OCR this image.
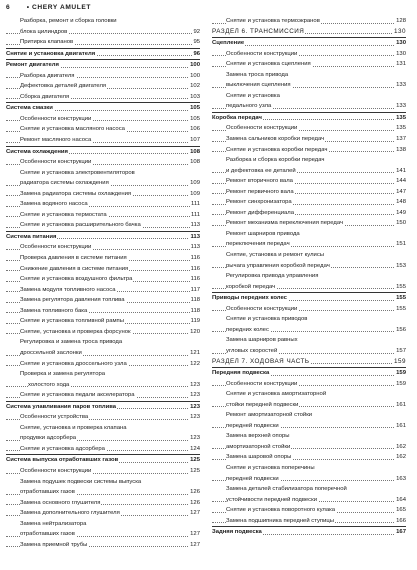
6 • CHERY AMULET
Разборка, ремонт и сборка головки
блока цилиндров	92
Притирка клапанов	95
Снятие и установка двигателя	96
Ремонт двигателя	100
Разборка двигателя	100
Дефектовка деталей двигателя	102
Сборка двигателя	103
Система смазки	105
Особенности конструкции	105
Снятие и установка масляного насоса	106
Ремонт масляного насоса	107
Система охлаждения	108
Особенности конструкции	108
Снятие и установка электровентиляторов
радиатора системы охлаждения	109
Замена радиатора системы охлаждения	109
Замена водяного насоса	111
Снятие и установка термостата	111
Снятие и установка расширительного бачка	113
Система питания	113
Особенности конструкции	113
Проверка давления в системе питания	116
Снижение давления в системе питания	116
Снятие и установка воздушного фильтра	116
Замена модуля топливного насоса	117
Замена регулятора давления топлива	118
Замена топливного бака	118
Снятие и установка топливной рампы	119
Снятие, установка и проверка форсунок	120
Регулировка и замена троса привода
дроссельной заслонки	121
Снятие и установка дроссельного узла	122
Проверка и замена регулятора
холостого хода	123
Снятие и установка педали акселератора	123
Система улавливания паров топлива	123
Особенности устройства	123
Снятие, установка и проверка клапана
продувки адсорбера	123
Снятие и установка адсорбера	124
Система выпуска отработавших газов	125
Особенности конструкции	125
Замена подушек подвески системы выпуска
отработавших газов	126
Замена основного глушителя	126
Замена дополнительного глушителя	127
Замена нейтрализатора
отработавших газов	127
Замена приемной трубы	127
Снятие и установка термоэкранов	128
РАЗДЕЛ 6. ТРАНСМИССИЯ	130
Сцепление	130
Особенности конструкции	130
Снятие и установка сцепления	131
Замена троса привода
выключения сцепления	133
Снятие и установка
педального узла	133
Коробка передач	135
Особенности конструкции	135
Замена сальников коробки передач	137
Снятие и установка коробки передач	138
Разборка и сборка коробки передач
и дефектовка ее деталей	141
Ремонт вторичного вала	144
Ремонт первичного вала	147
Ремонт синхронизатора	148
Ремонт дифференциала	149
Ремонт механизма переключения передач	150
Ремонт шарниров привода
переключения передач	151
Снятие, установка и ремонт кулисы
рычага управления коробкой передач	153
Регулировка привода управления
коробкой передач	155
Приводы передних колес	155
Особенности конструкции	155
Снятие и установка приводов
передних колес	156
Замена шарниров равных
угловых скоростей	157
РАЗДЕЛ 7. ХОДОВАЯ ЧАСТЬ	159
Передняя подвеска	159
Особенности конструкции	159
Снятие и установка амортизаторной
стойки передней подвески	161
Ремонт амортизаторной стойки
передней подвески	161
Замена верхней опоры
амортизаторной стойки	162
Замена шаровой опоры	162
Снятие и установка поперечины
передней подвески	163
Замена деталей стабилизатора поперечной
устойчивости передней подвески	164
Снятие и установка поворотного кулака	165
Замена подшипника передней ступицы	166
Задняя подвеска	167
